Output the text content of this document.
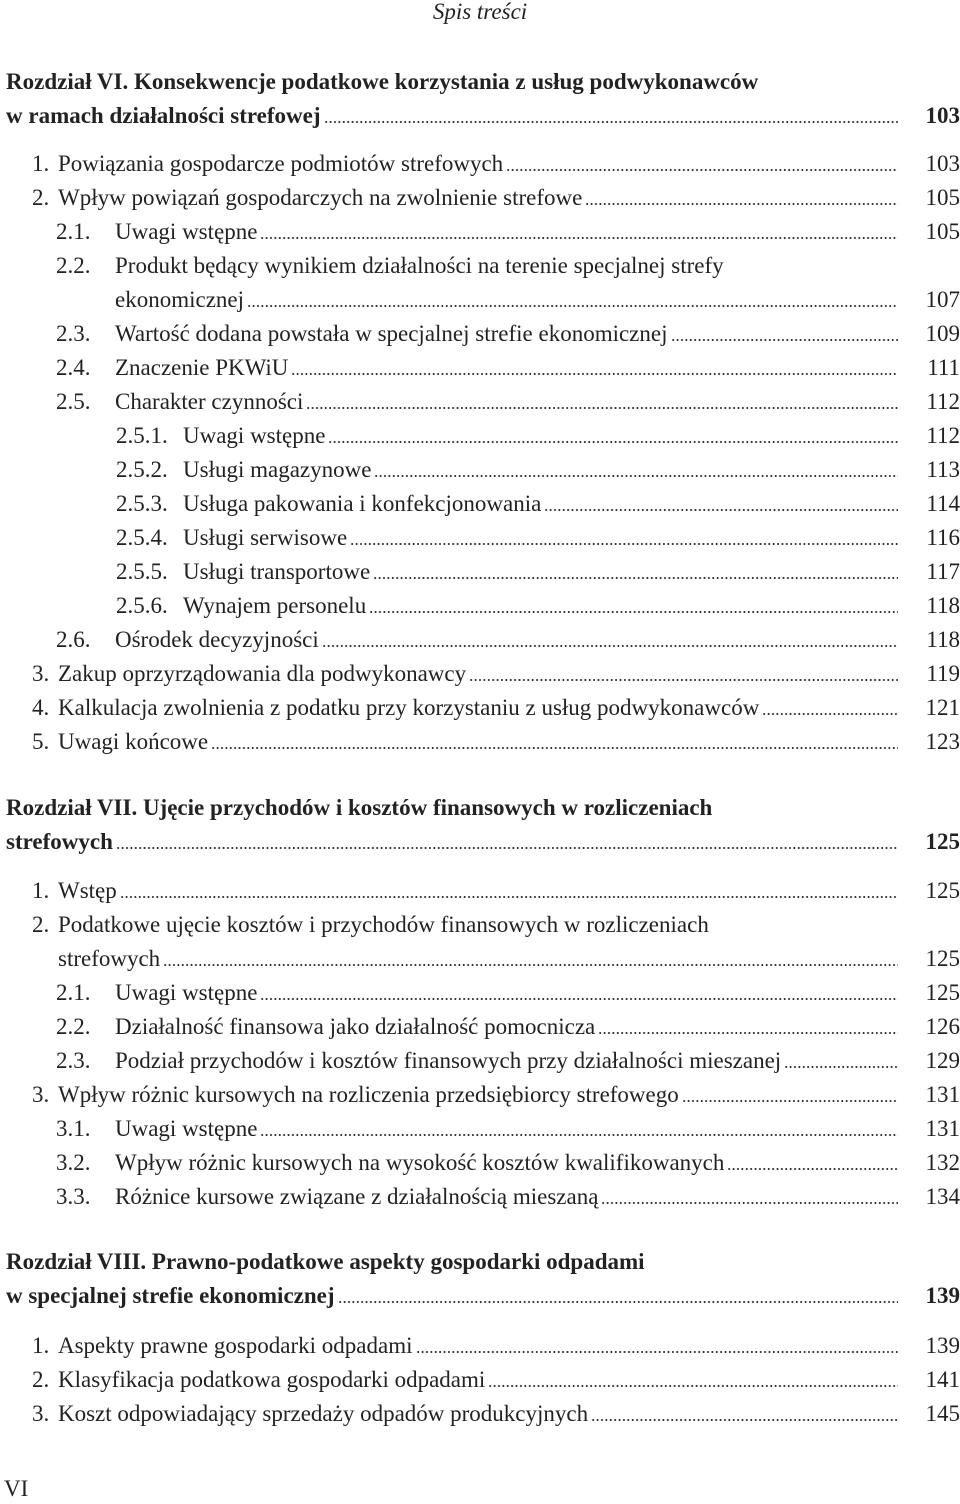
Spis treści
Rozdział VI. Konsekwencje podatkowe korzystania z usług podwykonawców
w ramach działalności strefowej	103
1. Powiązania gospodarcze podmiotów strefowych	103
2. Wpływ powiązań gospodarczych na zwolnienie strefowe	105
2.1. Uwagi wstępne	105
2.2. Produkt będący wynikiem działalności na terenie specjalnej strefy
ekonomicznej	107
2.3. Wartość dodana powstała w specjalnej strefie ekonomicznej	109
2.4. Znaczenie PKWiU	111
2.5. Charakter czynności	112
2.5.1. Uwagi wstępne	112
2.5.2. Usługi magazynowe	113
2.5.3. Usługa pakowania i konfekcjonowania	114
2.5.4. Usługi serwisowe	116
2.5.5. Usługi transportowe	117
2.5.6. Wynajem personelu	118
2.6. Ośrodek decyzyjności	118
3. Zakup oprzyrządowania dla podwykonawcy	119
4. Kalkulacja zwolnienia z podatku przy korzystaniu z usług podwykonawców	121
5. Uwagi końcowe	123
Rozdział VII. Ujęcie przychodów i kosztów finansowych w rozliczeniach
strefowych	125
1. Wstęp	125
2. Podatkowe ujęcie kosztów i przychodów finansowych w rozliczeniach
strefowych	125
2.1. Uwagi wstępne	125
2.2. Działalność finansowa jako działalność pomocnicza	126
2.3. Podział przychodów i kosztów finansowych przy działalności mieszanej	129
3. Wpływ różnic kursowych na rozliczenia przedsiębiorcy strefowego	131
3.1. Uwagi wstępne	131
3.2. Wpływ różnic kursowych na wysokość kosztów kwalifikowanych	132
3.3. Różnice kursowe związane z działalnością mieszaną	134
Rozdział VIII. Prawno-podatkowe aspekty gospodarki odpadami
w specjalnej strefie ekonomicznej	139
1. Aspekty prawne gospodarki odpadami	139
2. Klasyfikacja podatkowa gospodarki odpadami	141
3. Koszt odpowiadający sprzedaży odpadów produkcyjnych	145
VI
